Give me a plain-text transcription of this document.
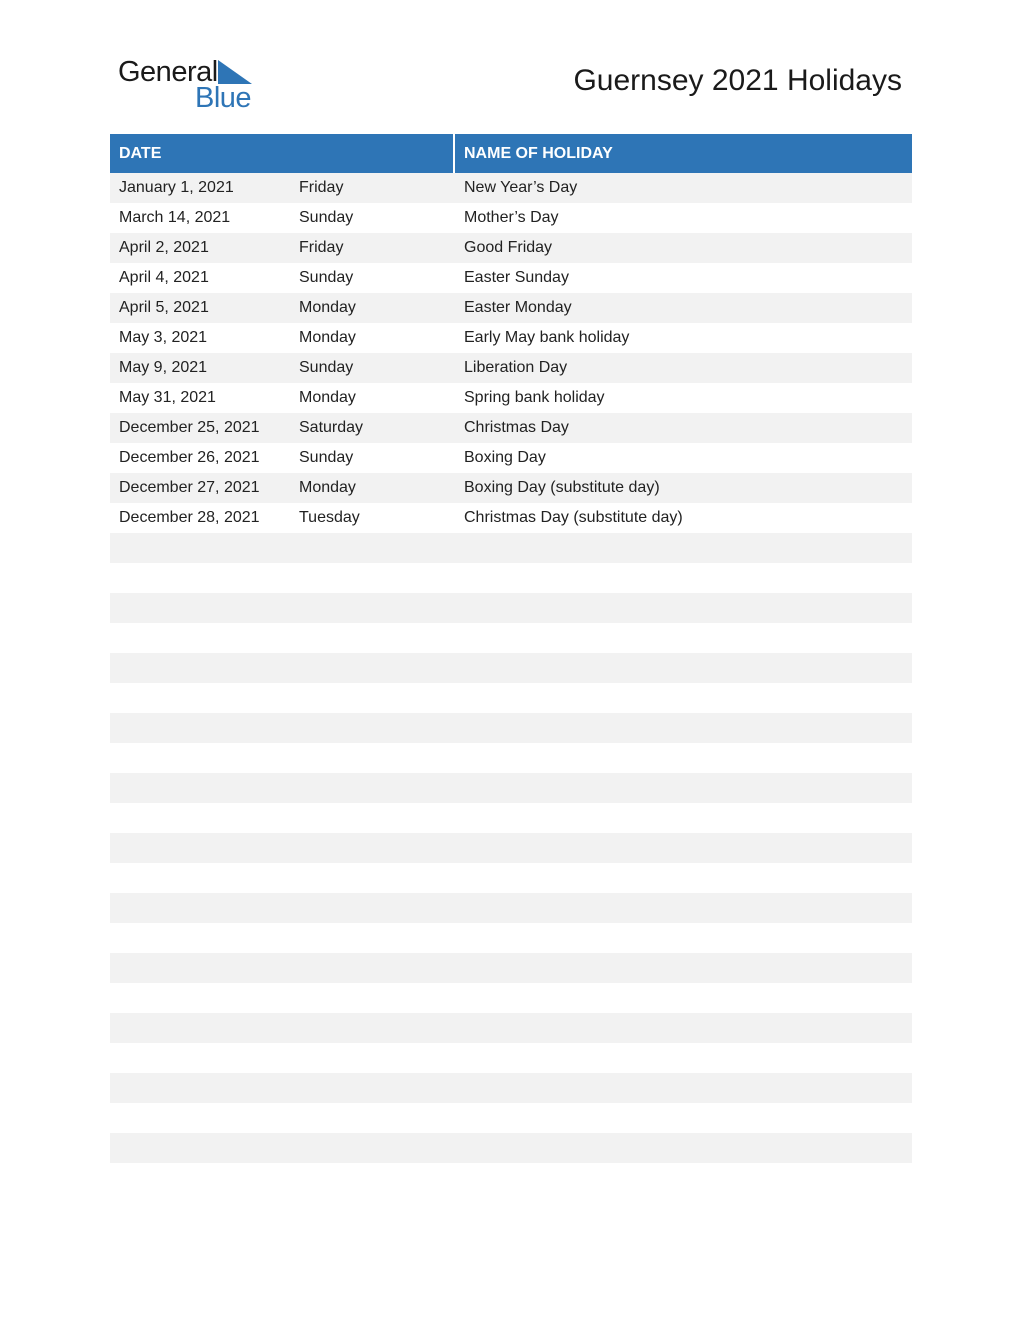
General
Blue
Guernsey 2021 Holidays
DATE	NAME OF HOLIDAY
January 1, 2021	Friday	New Year’s Day
March 14, 2021	Sunday	Mother’s Day
April 2, 2021	Friday	Good Friday
April 4, 2021	Sunday	Easter Sunday
April 5, 2021	Monday	Easter Monday
May 3, 2021	Monday	Early May bank holiday
May 9, 2021	Sunday	Liberation Day
May 31, 2021	Monday	Spring bank holiday
December 25, 2021 Saturday	Christmas Day
December 26, 2021 Sunday	Boxing Day
December 27, 2021 Monday	Boxing Day (substitute day)
December 28, 2021 Tuesday	Christmas Day (substitute day)
